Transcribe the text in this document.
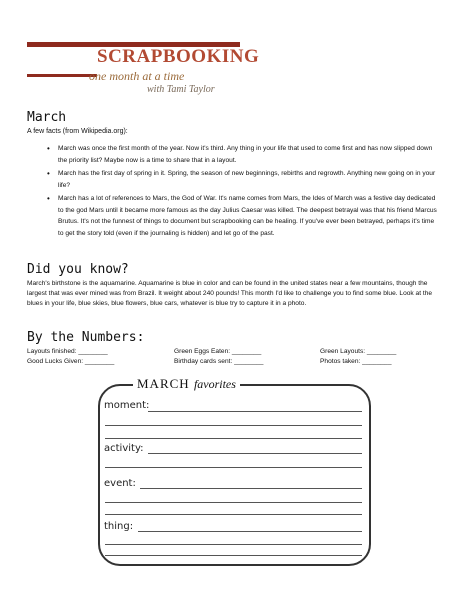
SCRAPBOOKING
one month at a time
with Tami Taylor
March

A few facts (from Wikipedia.org):

• March was once the first month of the year. Now it's third. Any thing in your life that used to come first and has now slipped down the priority list? Maybe now is a time to share that in a layout.
• March has the first day of spring in it. Spring, the season of new beginnings, rebirths and regrowth. Anything new going on in your life?
• March has a lot of references to Mars, the God of War. It's name comes from Mars, the Ides of March was a festive day dedicated to the god Mars until it became more famous as the day Julius Caesar was killed. The deepest betrayal was that his friend Marcus Brutus. It's not the funnest of things to document but scrapbooking can be healing. If you've ever been betrayed, perhaps it's time to get the story told (even if the journaling is hidden) and let go of the past.
Did you know?

March's birthstone is the aquamarine. Aquamarine is blue in color and can be found in the united states near a few mountains, though the largest that was ever mined was from Brazil. It weight about 240 pounds! This month I'd like to challenge you to find some blue. Look at the blues in your life, blue skies, blue flowers, blue cars, whatever is blue try to capture it in a photo.

By the Numbers:
Layouts finished: ________	Green Eggs Eaten: ________	Green Layouts: ________
Good Lucks Given: ________	Birthday cards sent: ________	Photos taken: ________
MARCH favorites
moment:
activity:
event:
thing:
